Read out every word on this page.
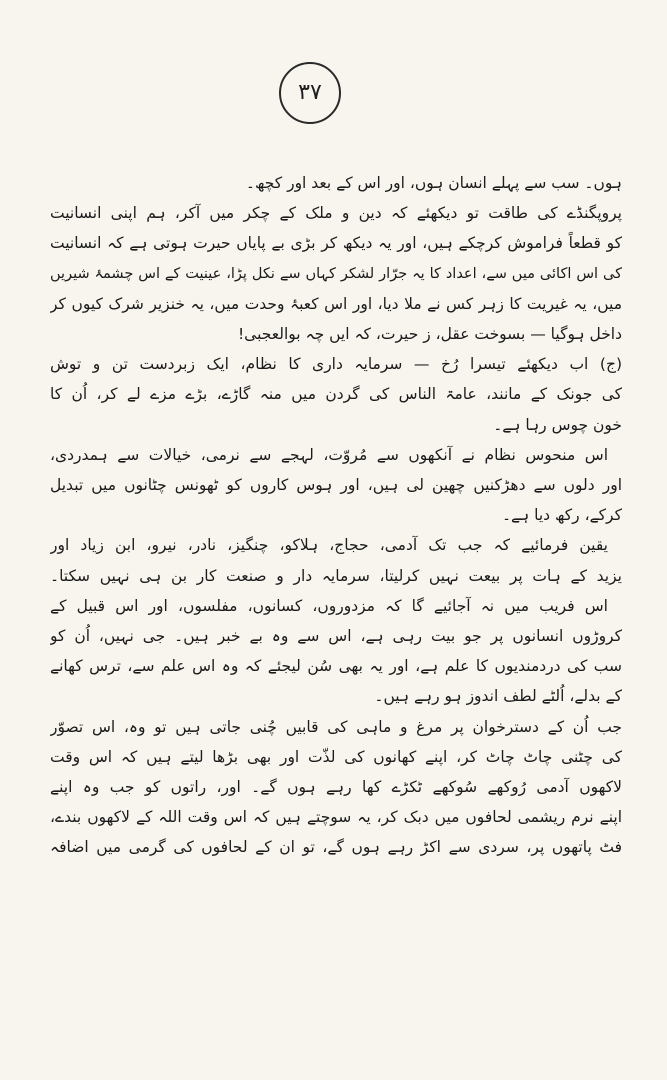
۳۷
ہوں۔ سب سے پہلے انسان ہوں، اور اس کے بعد اور کچھ۔
پروپگنڈے کی طاقت تو دیکھئے کہ دین و ملک کے چکر میں آکر، ہم اپنی انسانیت
کو قطعاً فراموش کرچکے ہیں، اور یہ دیکھ کر بڑی بے پایاں حیرت ہوتی ہے کہ انسانیت
کی اس اکائی میں سے، اعداد کا یہ جرّار لشکر کہاں سے نکل پڑا، عینیت کے اس چشمۂ شیریں
میں، یہ غیریت کا زہر کس نے ملا دیا، اور اس کعبۂ وحدت میں، یہ خنزیر شرک کیوں کر
داخل ہوگیا — بسوخت عقل، ز حیرت، کہ ایں چہ بوالعجبی!
(ج) اب دیکھئے تیسرا رُخ — سرمایہ داری کا نظام، ایک زبردست تن و توش
کی جونک کے مانند، عامۃ الناس کی گردن میں منہ گاڑے، بڑے مزے لے کر، اُن کا
خون چوس رہا ہے۔
اس منحوس نظام نے آنکھوں سے مُروّت، لہجے سے نرمی، خیالات سے ہمدردی،
اور دلوں سے دھڑکنیں چھین لی ہیں، اور ہوس کاروں کو ٹھونس چٹانوں میں تبدیل
کرکے، رکھ دیا ہے۔
یقین فرمائیے کہ جب تک آدمی، حجاج، ہلاکو، چنگیز، نادر، نیرو، ابن زیاد اور
یزید کے ہات پر بیعت نہیں کرلیتا، سرمایہ دار و صنعت کار بن ہی نہیں سکتا۔
اس فریب میں نہ آجائیے گا کہ مزدوروں، کسانوں، مفلسوں، اور اس قبیل کے
کروڑوں انسانوں پر جو بیت رہی ہے، اس سے وہ بے خبر ہیں۔ جی نہیں، اُن کو
سب کی دردمندیوں کا علم ہے، اور یہ بھی سُن لیجئے کہ وہ اس علم سے، ترس کھانے
کے بدلے، اُلٹے لطف اندوز ہو رہے ہیں۔
جب اُن کے دسترخوان پر مرغ و ماہی کی قابیں چُنی جاتی ہیں تو وہ، اس تصوّر
کی چٹنی چاٹ چاٹ کر، اپنے کھانوں کی لذّت اور بھی بڑھا لیتے ہیں کہ اس وقت
لاکھوں آدمی رُوکھے سُوکھے ٹکڑے کھا رہے ہوں گے۔ اور، راتوں کو جب وہ اپنے
اپنے نرم ریشمی لحافوں میں دبک کر، یہ سوچتے ہیں کہ اس وقت اللہ کے لاکھوں بندے،
فٹ پاتھوں پر، سردی سے اکڑ رہے ہوں گے، تو ان کے لحافوں کی گرمی میں اضافہ
